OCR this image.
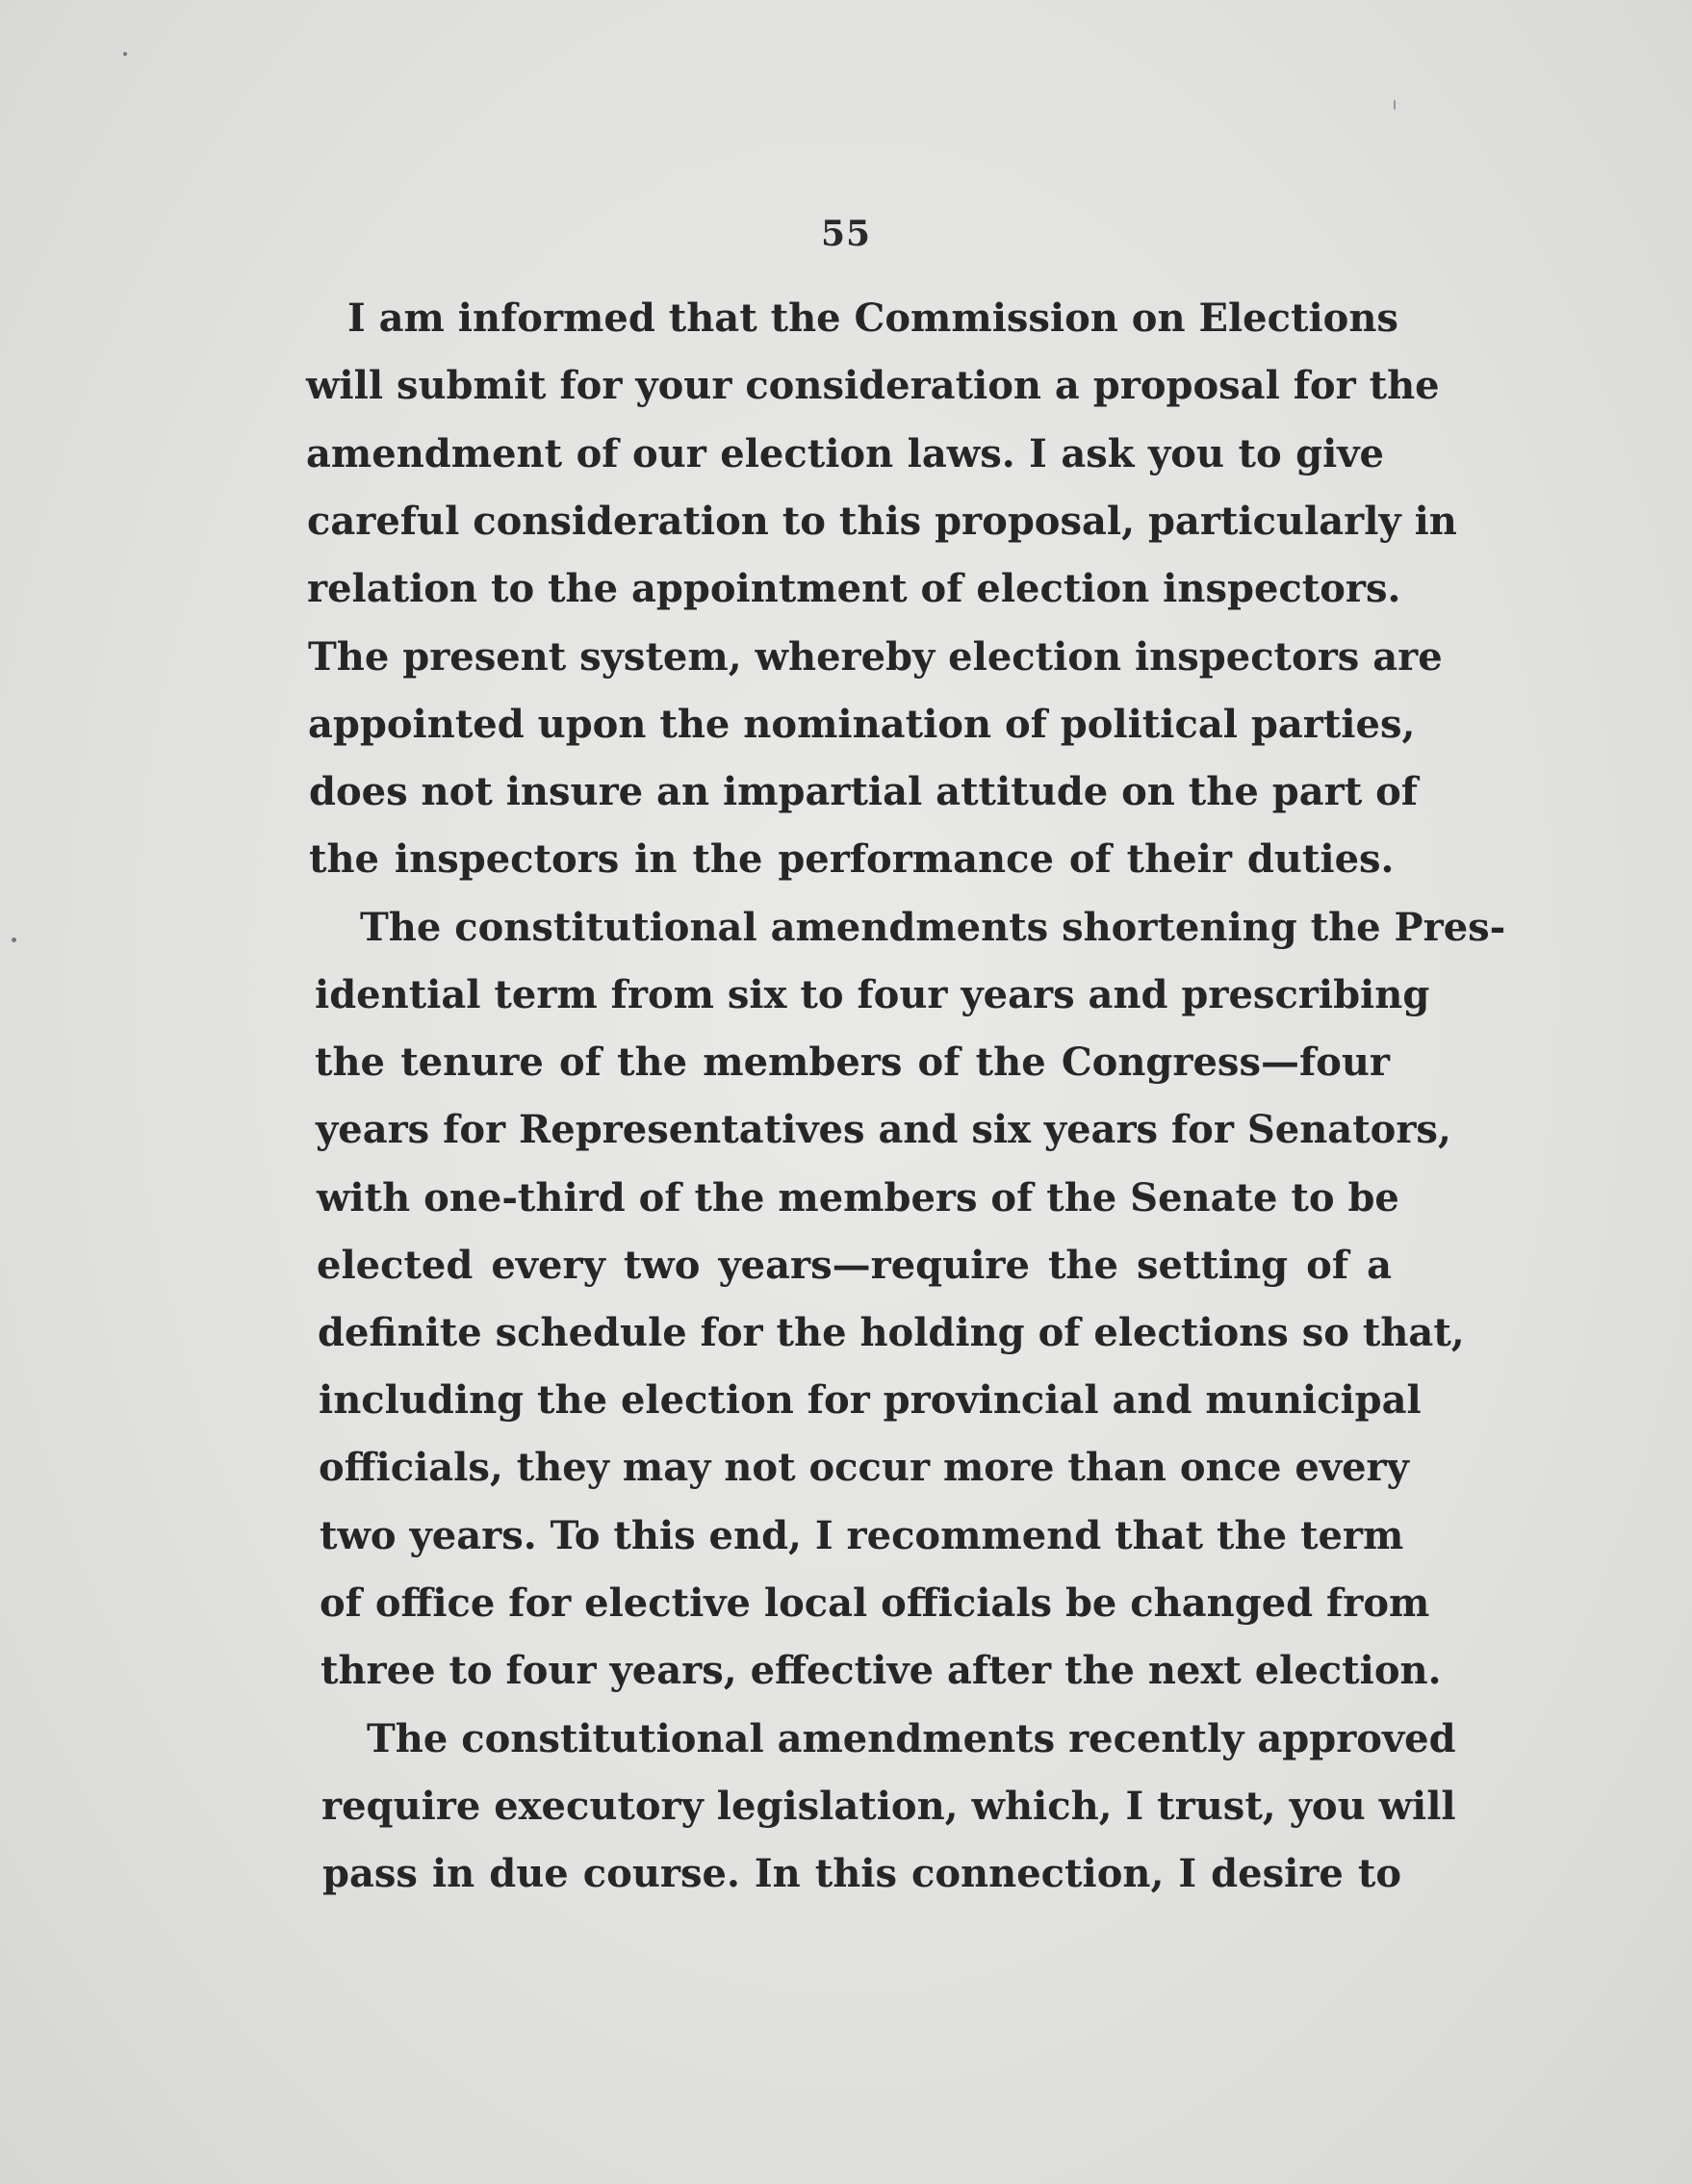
55
I am informed that the Commission on Elections
will submit for your consideration a proposal for the
amendment of our election laws. I ask you to give
careful consideration to this proposal, particularly in
relation to the appointment of election inspectors.
The present system, whereby election inspectors are
appointed upon the nomination of political parties,
does not insure an impartial attitude on the part of
the inspectors in the performance of their duties.
The constitutional amendments shortening the Pres-
idential term from six to four years and prescribing
the tenure of the members of the Congress—four
years for Representatives and six years for Senators,
with one-third of the members of the Senate to be
elected every two years—require the setting of a
definite schedule for the holding of elections so that,
including the election for provincial and municipal
officials, they may not occur more than once every
two years. To this end, I recommend that the term
of office for elective local officials be changed from
three to four years, effective after the next election.
The constitutional amendments recently approved
require executory legislation, which, I trust, you will
pass in due course. In this connection, I desire to
